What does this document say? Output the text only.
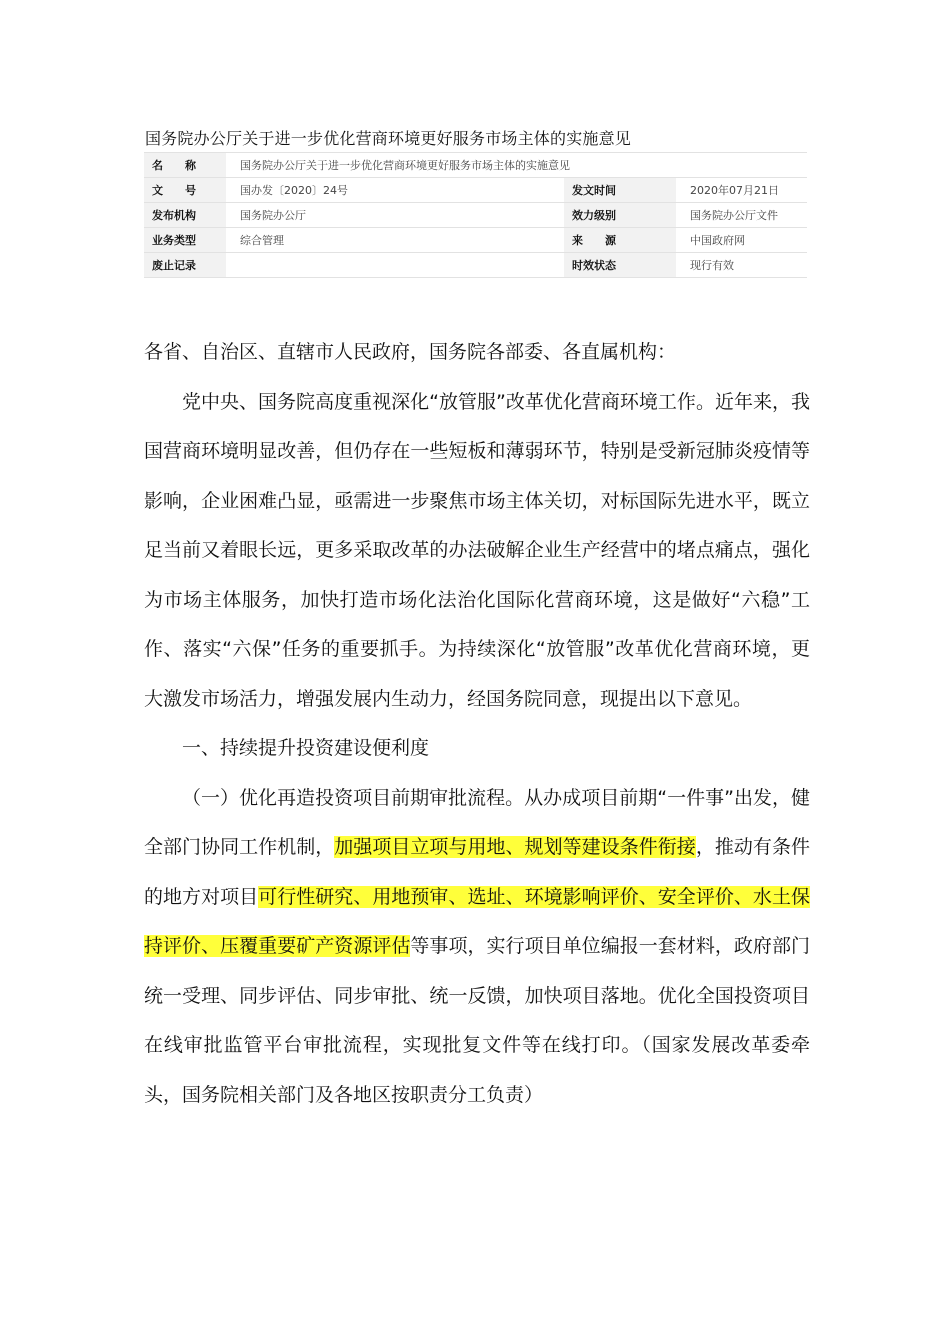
国务院办公厅关于进一步优化营商环境更好服务市场主体的实施意见
名　称	国务院办公厅关于进一步优化营商环境更好服务市场主体的实施意见		
文　号	国办发〔2020〕24号	发文时间	2020年07月21日
发布机构	国务院办公厅	效力级别	国务院办公厅文件
业务类型	综合管理	来　源	中国政府网
废止记录		时效状态	现行有效

各省、自治区、直辖市人民政府，国务院各部委、各直属机构：

党中央、国务院高度重视深化“放管服”改革优化营商环境工作。近年来，我国营商环境明显改善，但仍存在一些短板和薄弱环节，特别是受新冠肺炎疫情等影响，企业困难凸显，亟需进一步聚焦市场主体关切，对标国际先进水平，既立足当前又着眼长远，更多采取改革的办法破解企业生产经营中的堵点痛点，强化为市场主体服务，加快打造市场化法治化国际化营商环境，这是做好“六稳”工作、落实“六保”任务的重要抓手。为持续深化“放管服”改革优化营商环境，更大激发市场活力，增强发展内生动力，经国务院同意，现提出以下意见。

一、持续提升投资建设便利度

（一）优化再造投资项目前期审批流程。从办成项目前期“一件事”出发，健全部门协同工作机制，加强项目立项与用地、规划等建设条件衔接，推动有条件的地方对项目可行性研究、用地预审、选址、环境影响评价、安全评价、水土保持评价、压覆重要矿产资源评估等事项，实行项目单位编报一套材料，政府部门统一受理、同步评估、同步审批、统一反馈，加快项目落地。优化全国投资项目在线审批监管平台审批流程，实现批复文件等在线打印。（国家发展改革委牵头，国务院相关部门及各地区按职责分工负责）
